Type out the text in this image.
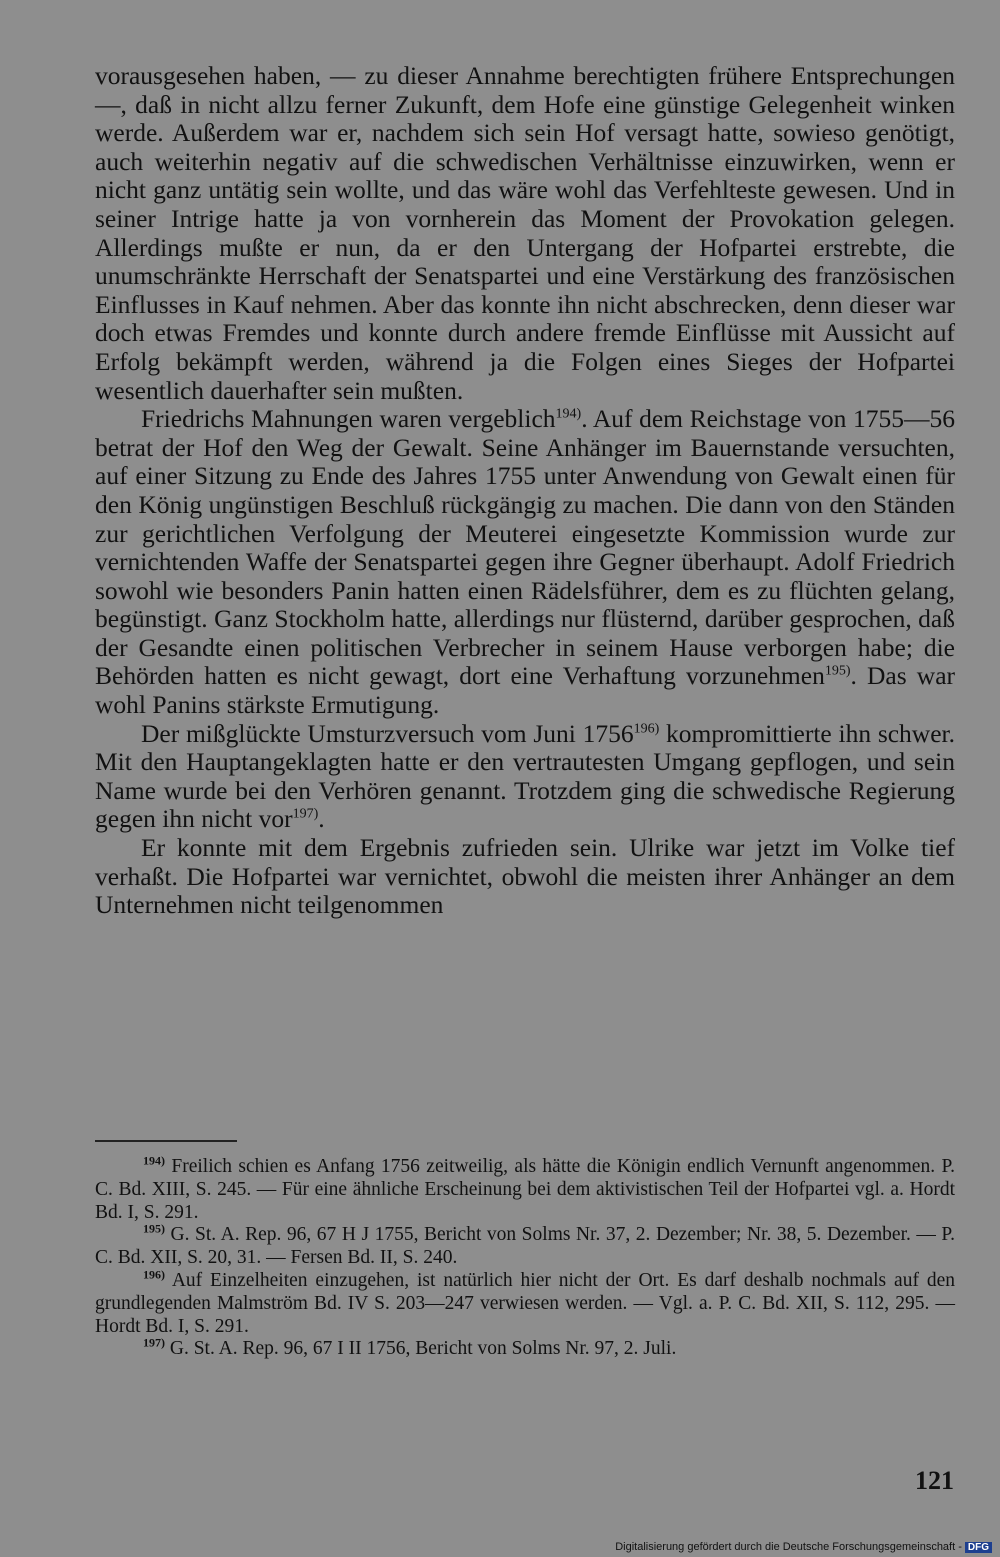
vorausgesehen haben, — zu dieser Annahme berechtigten frühere Entsprechungen —, daß in nicht allzu ferner Zukunft, dem Hofe eine günstige Gelegenheit winken werde. Außerdem war er, nachdem sich sein Hof versagt hatte, sowieso genötigt, auch weiterhin negativ auf die schwedischen Verhältnisse einzuwirken, wenn er nicht ganz untätig sein wollte, und das wäre wohl das Verfehlteste gewesen. Und in seiner Intrige hatte ja von vornherein das Moment der Provokation gelegen. Allerdings mußte er nun, da er den Untergang der Hofpartei erstrebte, die unumschränkte Herrschaft der Senatspartei und eine Verstärkung des französischen Einflusses in Kauf nehmen. Aber das konnte ihn nicht abschrecken, denn dieser war doch etwas Fremdes und konnte durch andere fremde Einflüsse mit Aussicht auf Erfolg bekämpft werden, während ja die Folgen eines Sieges der Hofpartei wesentlich dauerhafter sein mußten.

Friedrichs Mahnungen waren vergeblich$^{194)}$. Auf dem Reichstage von 1755—56 betrat der Hof den Weg der Gewalt. Seine Anhänger im Bauernstande versuchten, auf einer Sitzung zu Ende des Jahres 1755 unter Anwendung von Gewalt einen für den König ungünstigen Beschluß rückgängig zu machen. Die dann von den Ständen zur gerichtlichen Verfolgung der Meuterei eingesetzte Kommission wurde zur vernichtenden Waffe der Senatspartei gegen ihre Gegner überhaupt. Adolf Friedrich sowohl wie besonders Panin hatten einen Rädelsführer, dem es zu flüchten gelang, begünstigt. Ganz Stockholm hatte, allerdings nur flüsternd, darüber gesprochen, daß der Gesandte einen politischen Verbrecher in seinem Hause verborgen habe; die Behörden hatten es nicht gewagt, dort eine Verhaftung vorzunehmen$^{195)}$. Das war wohl Panins stärkste Ermutigung.

Der mißglückte Umsturzversuch vom Juni 1756$^{196)}$ kompromittierte ihn schwer. Mit den Hauptangeklagten hatte er den vertrautesten Umgang gepflogen, und sein Name wurde bei den Verhören genannt. Trotzdem ging die schwedische Regierung gegen ihn nicht vor$^{197)}$.

Er konnte mit dem Ergebnis zufrieden sein. Ulrike war jetzt im Volke tief verhaßt. Die Hofpartei war vernichtet, obwohl die meisten ihrer Anhänger an dem Unternehmen nicht teilgenommen

$^{194)}$ Freilich schien es Anfang 1756 zeitweilig, als hätte die Königin endlich Vernunft angenommen. P. C. Bd. XIII, S. 245. — Für eine ähnliche Erscheinung bei dem aktivistischen Teil der Hofpartei vgl. a. Hordt Bd. I, S. 291.

$^{195)}$ G. St. A. Rep. 96, 67 H J 1755, Bericht von Solms Nr. 37, 2. Dezember; Nr. 38, 5. Dezember. — P. C. Bd. XII, S. 20, 31. — Fersen Bd. II, S. 240.

$^{196)}$ Auf Einzelheiten einzugehen, ist natürlich hier nicht der Ort. Es darf deshalb nochmals auf den grundlegenden Malmström Bd. IV S. 203—247 verwiesen werden. — Vgl. a. P. C. Bd. XII, S. 112, 295. — Hordt Bd. I, S. 291.

$^{197)}$ G. St. A. Rep. 96, 67 I II 1756, Bericht von Solms Nr. 97, 2. Juli.

121
Digitalisierung gefördert durch die Deutsche Forschungsgemeinschaft - DFG
